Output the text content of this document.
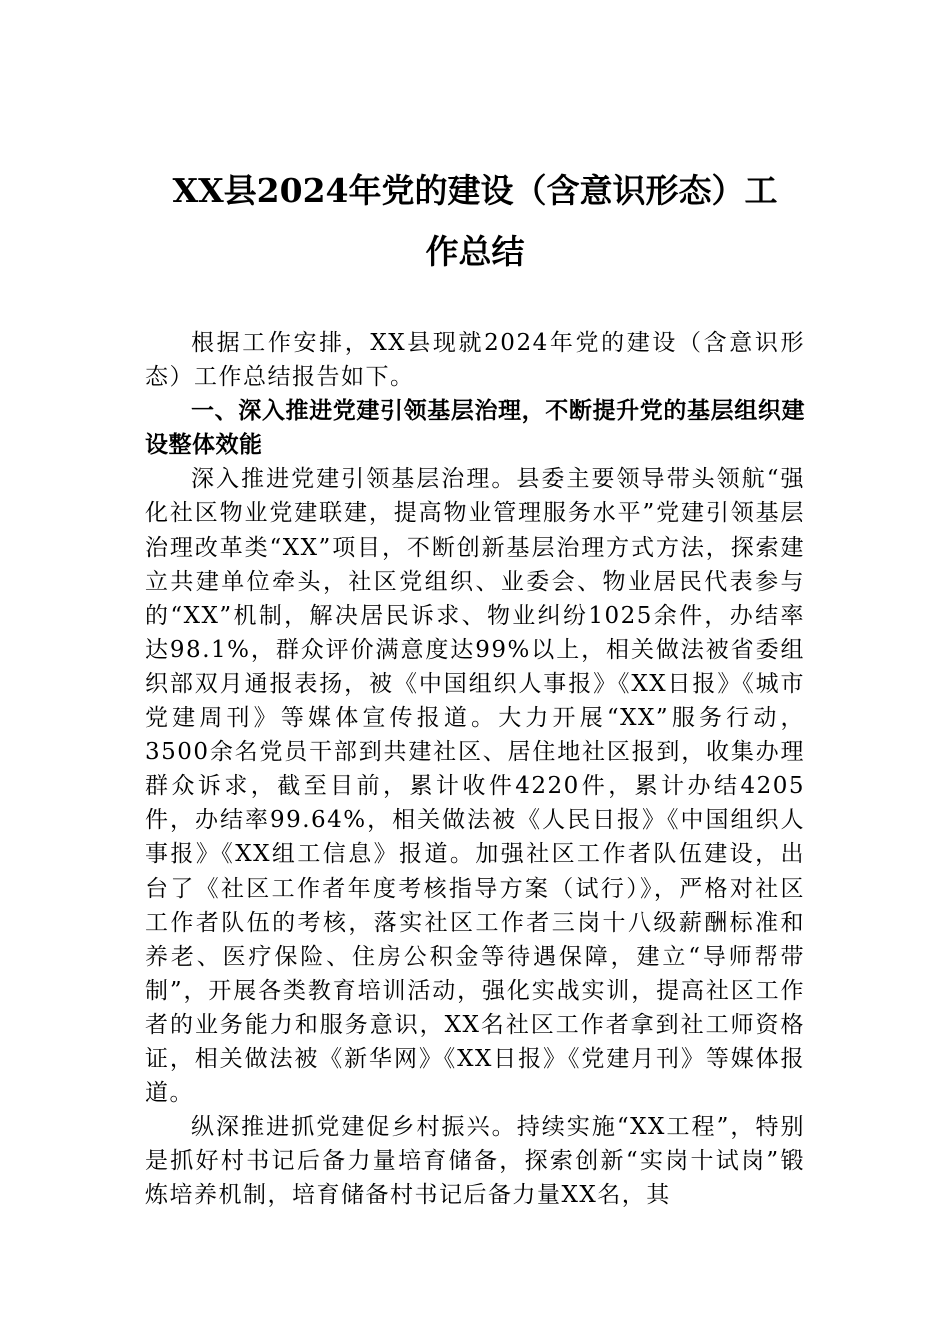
XX县2024年党的建设（含意识形态）工
作总结

根据工作安排，XX县现就2024年党的建设（含意识形态）工作总结报告如下。

一、深入推进党建引领基层治理，不断提升党的基层组织建设整体效能

深入推进党建引领基层治理。县委主要领导带头领航“强化社区物业党建联建，提高物业管理服务水平”党建引领基层治理改革类“XX”项目，不断创新基层治理方式方法，探索建立共建单位牵头，社区党组织、业委会、物业居民代表参与的“XX”机制，解决居民诉求、物业纠纷1025余件，办结率达98.1%，群众评价满意度达99%以上，相关做法被省委组织部双月通报表扬，被《中国组织人事报》《XX日报》《城市党建周刊》等媒体宣传报道。大力开展“XX”服务行动，3500余名党员干部到共建社区、居住地社区报到，收集办理群众诉求，截至目前，累计收件4220件，累计办结4205件，办结率99.64%，相关做法被《人民日报》《中国组织人事报》《XX组工信息》报道。加强社区工作者队伍建设，出台了《社区工作者年度考核指导方案（试行）》，严格对社区工作者队伍的考核，落实社区工作者三岗十八级薪酬标准和养老、医疗保险、住房公积金等待遇保障，建立“导师帮带制”，开展各类教育培训活动，强化实战实训，提高社区工作者的业务能力和服务意识，XX名社区工作者拿到社工师资格证，相关做法被《新华网》《XX日报》《党建月刊》等媒体报道。

纵深推进抓党建促乡村振兴。持续实施“XX工程”，特别是抓好村书记后备力量培育储备，探索创新“实岗十试岗”锻炼培养机制，培育储备村书记后备力量XX名，其
